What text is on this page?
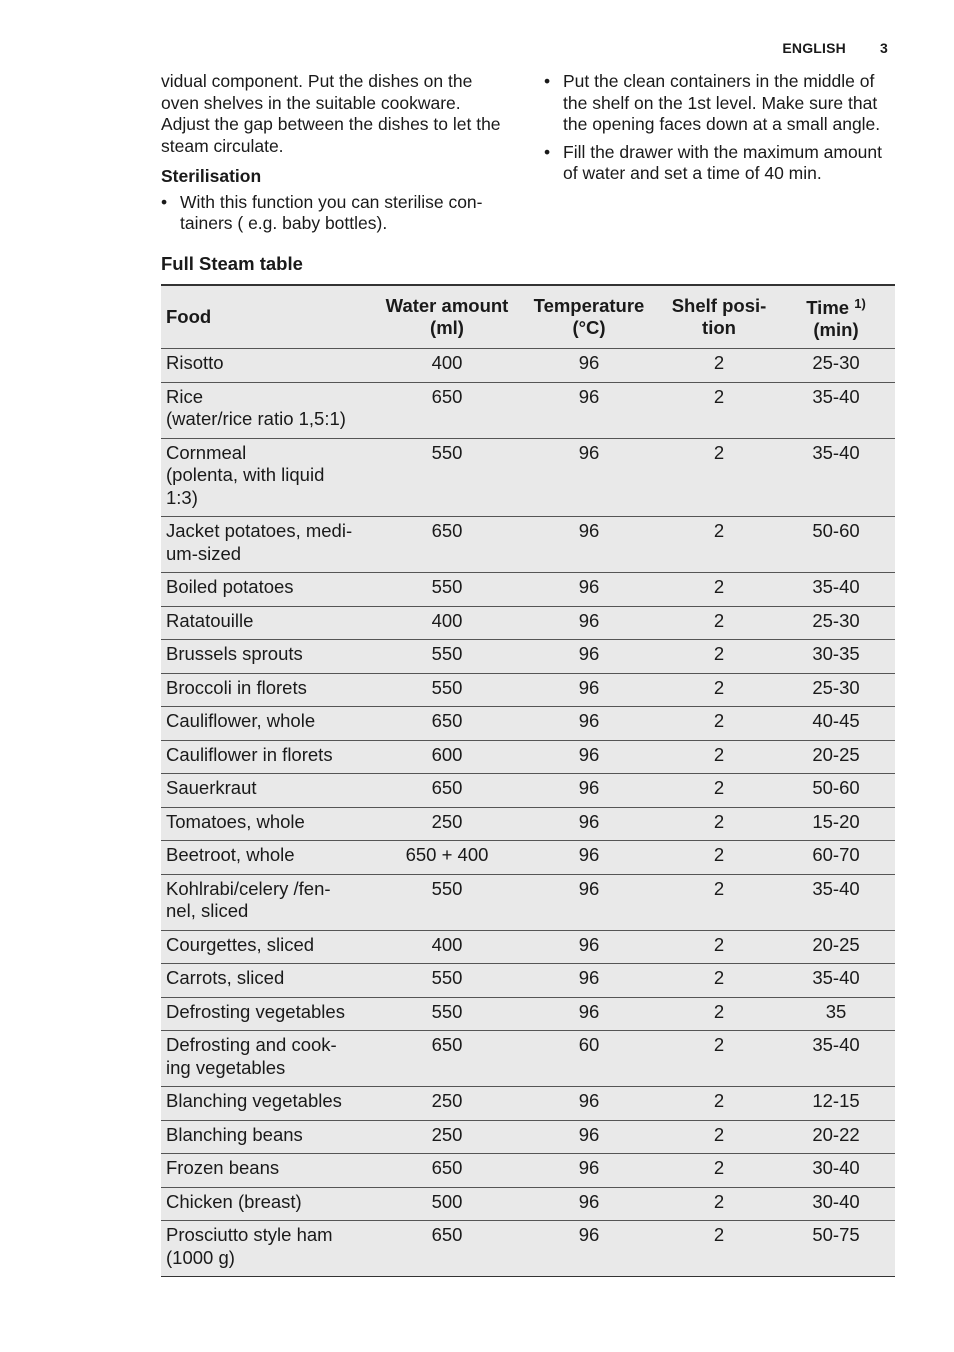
ENGLISH 3

vidual component. Put the dishes on the oven shelves in the suitable cookware. Adjust the gap between the dishes to let the steam circulate.

Sterilisation

• With this function you can sterilise con- tainers ( e.g. baby bottles).
• Put the clean containers in the middle of the shelf on the 1st level. Make sure that the opening faces down at a small angle.
• Fill the drawer with the maximum amount of water and set a time of 40 min.
Full Steam table
Food	Water amount (ml)	Temperature (°C)	Shelf posi- tion	Time $^{1)}$
(min)
Risotto	400	96	2	25-30
Rice
(water/rice ratio 1,5:1)	650	96	2	35-40
Cornmeal
(polenta, with liquid
1:3)	550	96	2	35-40
Jacket potatoes, medi-
um-sized	650	96	2	50-60
Boiled potatoes	550	96	2	35-40
Ratatouille	400	96	2	25-30
Brussels sprouts	550	96	2	30-35
Broccoli in florets	550	96	2	25-30
Cauliflower, whole	650	96	2	40-45
Cauliflower in florets	600	96	2	20-25
Sauerkraut	650	96	2	50-60
Tomatoes, whole	250	96	2	15-20
Beetroot, whole	650 + 400	96	2	60-70
Kohlrabi/celery /fen-
nel, sliced	550	96	2	35-40
Courgettes, sliced	400	96	2	20-25
Carrots, sliced	550	96	2	35-40
Defrosting vegetables	550	96	2	35
Defrosting and cook-
ing vegetables	650	60	2	35-40
Blanching vegetables	250	96	2	12-15
Blanching beans	250	96	2	20-22
Frozen beans	650	96	2	30-40
Chicken (breast)	500	96	2	30-40
Prosciutto style ham
(1000 g)	650	96	2	50-75
